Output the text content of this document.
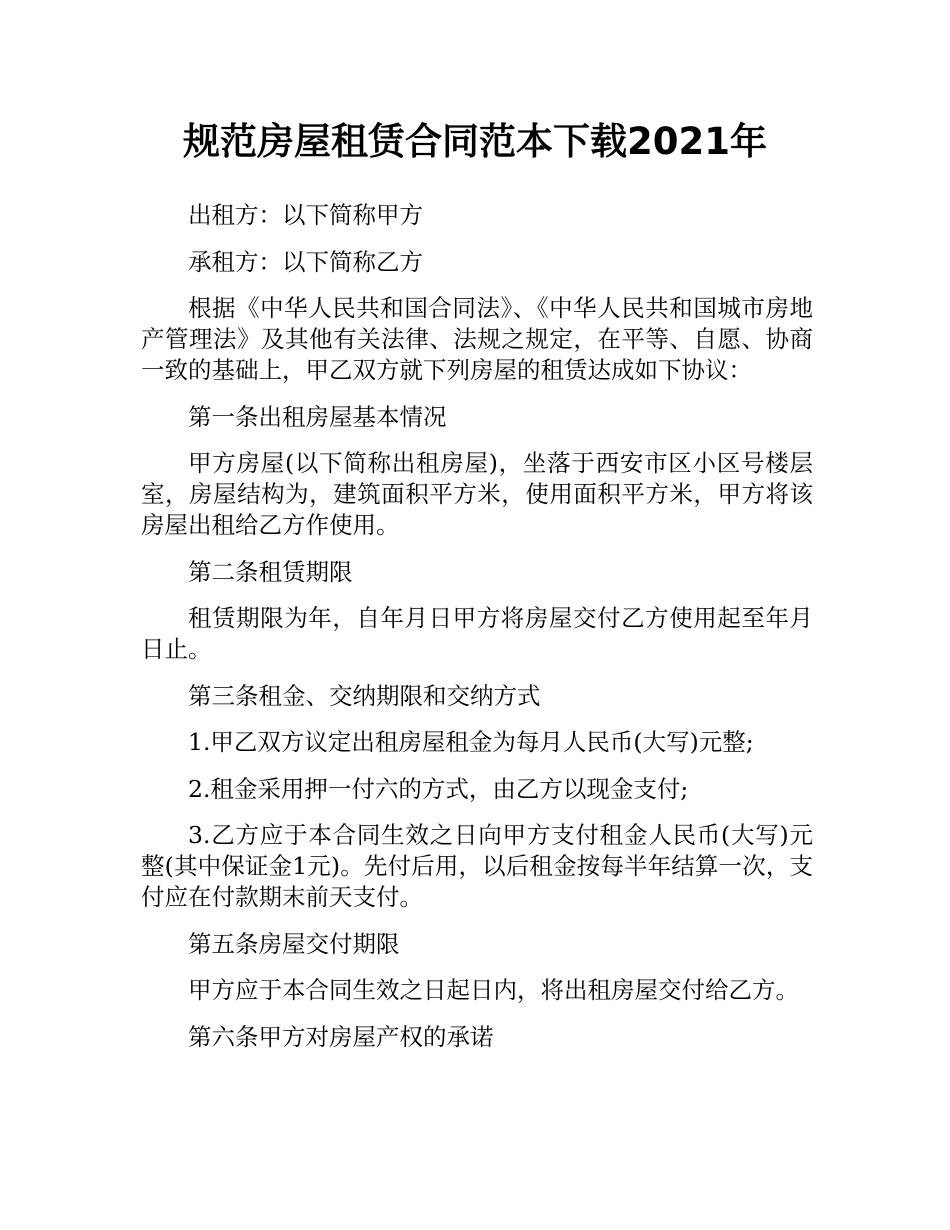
规范房屋租赁合同范本下载2021年

出租方：以下简称甲方

承租方：以下简称乙方

根据《中华人民共和国合同法》、《中华人民共和国城市房地产管理法》及其他有关法律、法规之规定，在平等、自愿、协商一致的基础上，甲乙双方就下列房屋的租赁达成如下协议：

第一条出租房屋基本情况

甲方房屋(以下简称出租房屋)，坐落于西安市区小区号楼层室，房屋结构为，建筑面积平方米，使用面积平方米，甲方将该房屋出租给乙方作使用。

第二条租赁期限

租赁期限为年，自年月日甲方将房屋交付乙方使用起至年月日止。

第三条租金、交纳期限和交纳方式

1.甲乙双方议定出租房屋租金为每月人民币(大写)元整;

2.租金采用押一付六的方式，由乙方以现金支付;

3.乙方应于本合同生效之日向甲方支付租金人民币(大写)元整(其中保证金1元)。先付后用，以后租金按每半年结算一次，支付应在付款期末前天支付。

第五条房屋交付期限

甲方应于本合同生效之日起日内，将出租房屋交付给乙方。

第六条甲方对房屋产权的承诺
